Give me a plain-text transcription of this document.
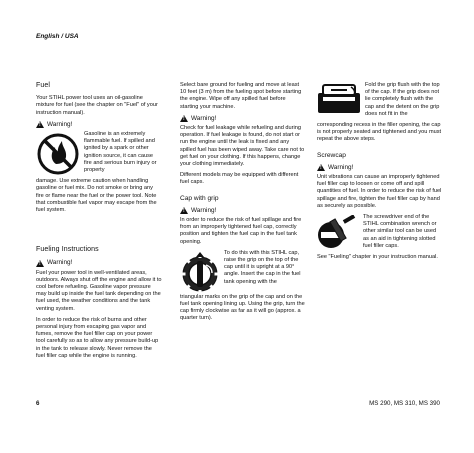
English / USA
Fuel

Your STIHL power tool uses an oil-gasoline mixture for fuel (see the chapter on "Fuel" of your instruction manual).

!
Warning!

Gasoline is an extremely flammable fuel. If spilled and ignited by a spark or other ignition source, it can cause fire and serious burn injury or property

damage. Use extreme caution when handling gasoline or fuel mix. Do not smoke or bring any fire or flame near the fuel or the power tool. Note that combustible fuel vapor may escape from the fuel system.

Fueling Instructions
!
Warning!

Fuel your power tool in well-ventilated areas, outdoors. Always shut off the engine and allow it to cool before refueling. Gasoline vapor pressure may build up inside the fuel tank depending on the fuel used, the weather conditions and the tank venting system.

In order to reduce the risk of burns and other personal injury from escaping gas vapor and fumes, remove the fuel filler cap on your power tool carefully so as to allow any pressure build-up in the tank to release slowly. Never remove the fuel filler cap while the engine is running.

Select bare ground for fueling and move at least 10 feet (3 m) from the fueling spot before starting the engine. Wipe off any spilled fuel before starting your machine.

!
Warning!

Check for fuel leakage while refueling and during operation. If fuel leakage is found, do not start or run the engine until the leak is fixed and any spilled fuel has been wiped away. Take care not to get fuel on your clothing. If this happens, change your clothing immediately.

Different models may be equipped with different fuel caps.

Cap with grip
!
Warning!

In order to reduce the risk of fuel spillage and fire from an improperly tightened fuel cap, correctly position and tighten the fuel cap in the fuel tank opening.

To do this with this STIHL cap, raise the grip on the top of the cap until it is upright at a 90° angle. Insert the cap in the fuel tank opening with the

triangular marks on the grip of the cap and on the fuel tank opening lining up. Using the grip, turn the cap firmly clockwise as far as it will go (approx. a quarter turn).

Fold the grip flush with the top of the cap. If the grip does not lie completely flush with the cap and the detent on the grip does not fit in the

corresponding recess in the filler opening, the cap is not properly seated and tightened and you must repeat the above steps.

Screwcap
!
Warning!

Unit vibrations can cause an improperly tightened fuel filler cap to loosen or come off and spill quantities of fuel. In order to reduce the risk of fuel spillage and fire, tighten the fuel filler cap by hand as securely as possible.

The screwdriver end of the STIHL combination wrench or other similar tool can be used as an aid in tightening slotted fuel filler caps.

See "Fueling" chapter in your instruction manual.

6	MS 290, MS 310, MS 390
